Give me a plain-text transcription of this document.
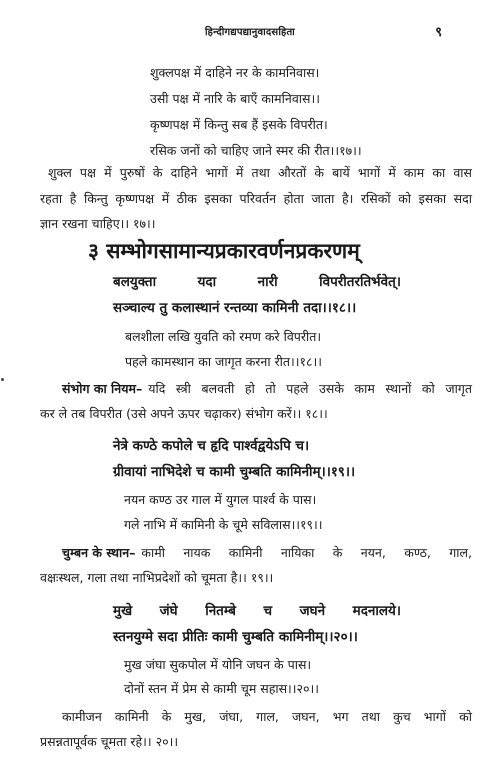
हिन्दीगद्यपद्यानुवादसहिता	९
शुक्लपक्ष में दाहिने नर के कामनिवास।
उसी पक्ष में नारि के बाएँ कामनिवास।।
कृष्णपक्ष में किन्तु सब हैं इसके विपरीत।
रसिक जनों को चाहिए जाने स्मर की रीत।।१७।।
शुक्ल पक्ष में पुरुषों के दाहिने भागों में तथा औरतों के बायें भागों में काम का वास
रहता है किन्तु कृष्णपक्ष में ठीक इसका परिवर्तन होता जाता है। रसिकों को इसका सदा
ज्ञान रखना चाहिए।। १७।।
३ सम्भोगसामान्यप्रकारवर्णनप्रकरणम्
बलयुक्ता यदा नारी विपरीतरतिर्भवेत्।
सञ्चाल्य तु कलास्थानं रन्तव्या कामिनी तदा।।१८।।
बलशीला लखि युवति को रमण करे विपरीत।
पहले कामस्थान का जागृत करना रीत।।१८।।
संभोग का नियम– यदि स्त्री बलवती हो तो पहले उसके काम स्थानों को जागृत
कर ले तब विपरीत (उसे अपने ऊपर चढ़ाकर) संभोग करें।। १८।।
नेत्रे कण्ठे कपोले च हृदि पार्श्वद्वयेऽपि च।
ग्रीवायां नाभिदेशे च कामी चुम्बति कामिनीम्।।१९।।
नयन कण्ठ उर गाल में युगल पार्श्व के पास।
गले नाभि में कामिनी के चूमे सविलास।।१९।।
चुम्बन के स्थान– कामी नायक कामिनी नायिका के नयन, कण्ठ, गाल,
वक्षःस्थल, गला तथा नाभिप्रदेशों को चूमता है।। १९।।
मुखे जंघे नितम्बे च जघने मदनालये।
स्तनयुग्मे सदा प्रीतिः कामी चुम्बति कामिनीम्।।२०।।
मुख जंघा सुकपोल में योनि जघन के पास।
दोनों स्तन में प्रेम से कामी चूम सहास।।२०।।
कामीजन कामिनी के मुख, जंघा, गाल, जघन, भग तथा कुच भागों को
प्रसन्नतापूर्वक चूमता रहे।। २०।।
